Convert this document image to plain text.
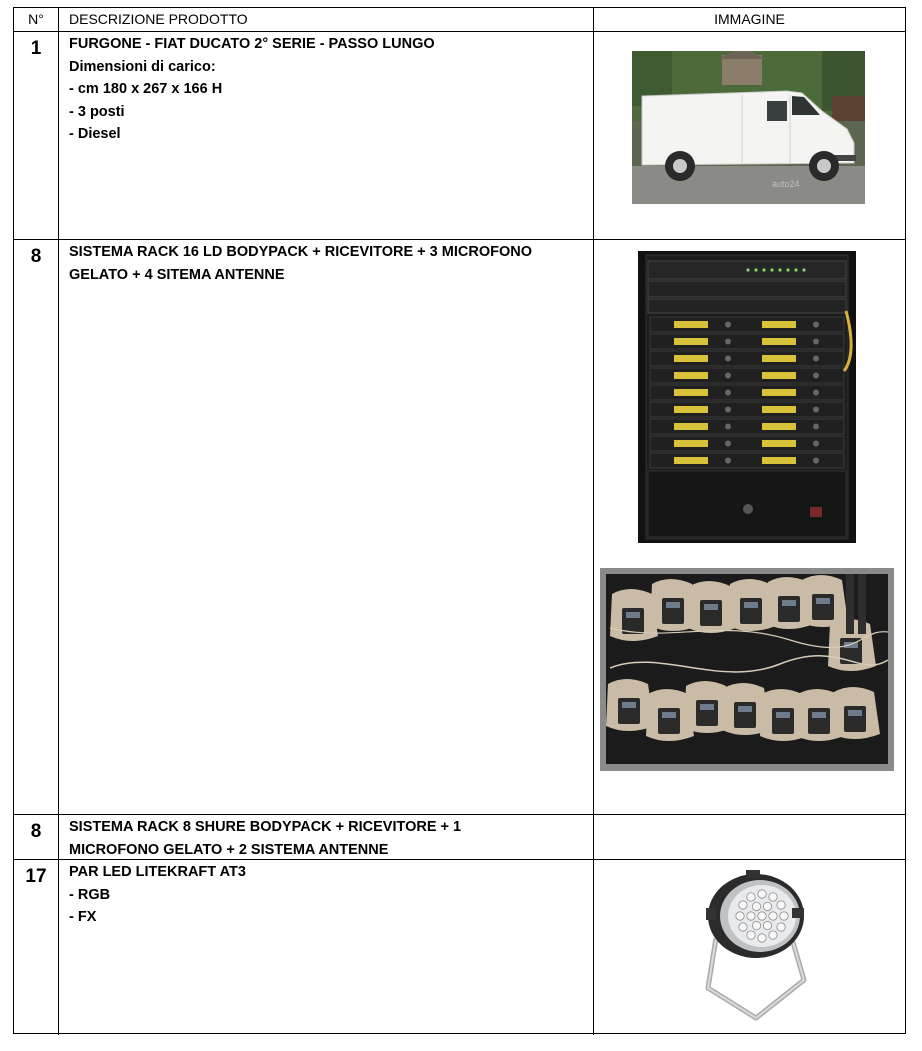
N°	DESCRIZIONE PRODOTTO	IMMAGINE
1	FURGONE - FIAT DUCATO 2° SERIE - PASSO LUNGO
Dimensioni di carico:
- cm 180 x 267 x 166 H
- 3 posti
- Diesel
auto24
8	SISTEMA RACK 16 LD BODYPACK + RICEVITORE + 3 MICROFONO
GELATO + 4 SITEMA ANTENNE
8	SISTEMA RACK 8 SHURE BODYPACK + RICEVITORE + 1
MICROFONO GELATO + 2 SISTEMA ANTENNE
17	PAR LED LITEKRAFT AT3
- RGB
- FX
